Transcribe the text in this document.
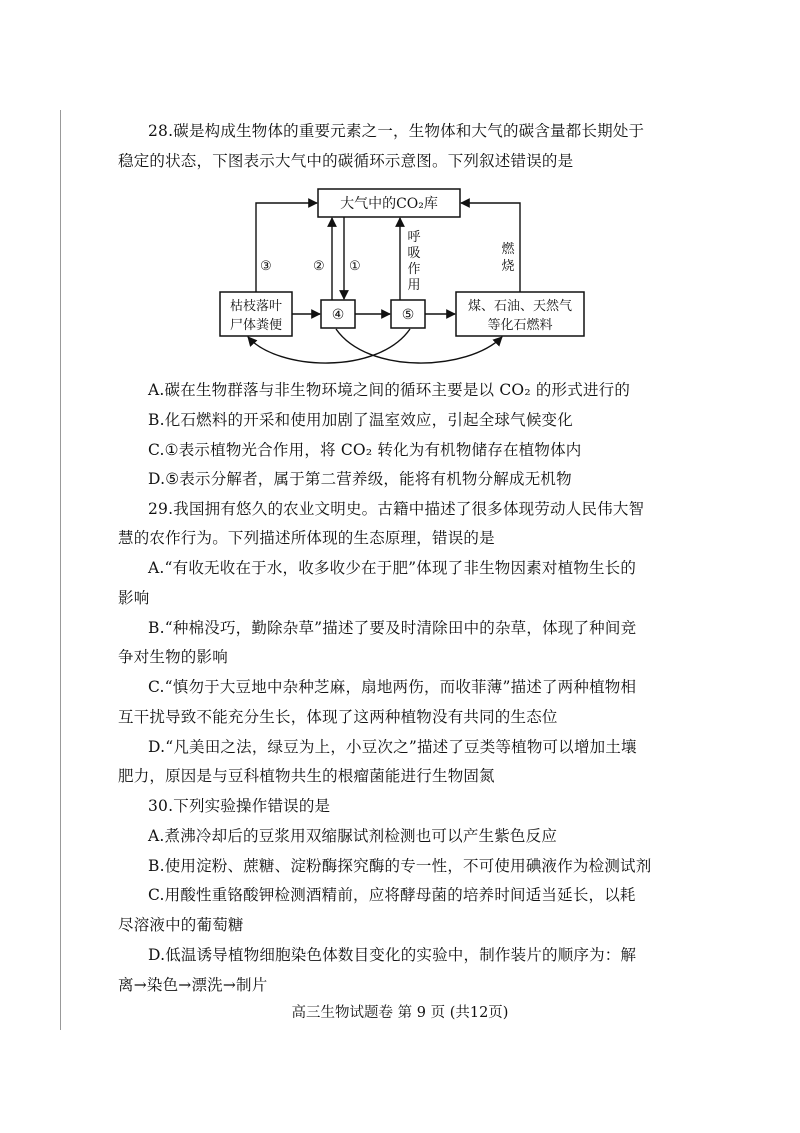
28.碳是构成生物体的重要元素之一，生物体和大气的碳含量都长期处于
稳定的状态，下图表示大气中的碳循环示意图。下列叙述错误的是
大气中的CO₂库
枯枝落叶
尸体粪便
④	⑤
煤、石油、天然气
等化石燃料
③	② ①
呼
吸
作
用
燃
烧
A.碳在生物群落与非生物环境之间的循环主要是以 CO₂ 的形式进行的
B.化石燃料的开采和使用加剧了温室效应，引起全球气候变化
C.①表示植物光合作用，将 CO₂ 转化为有机物储存在植物体内
D.⑤表示分解者，属于第二营养级，能将有机物分解成无机物
29.我国拥有悠久的农业文明史。古籍中描述了很多体现劳动人民伟大智
慧的农作行为。下列描述所体现的生态原理，错误的是
A.“有收无收在于水，收多收少在于肥”体现了非生物因素对植物生长的
影响
B.“种棉没巧，勤除杂草”描述了要及时清除田中的杂草，体现了种间竞
争对生物的影响
C.“慎勿于大豆地中杂种芝麻，扇地两伤，而收菲薄”描述了两种植物相
互干扰导致不能充分生长，体现了这两种植物没有共同的生态位
D.“凡美田之法，绿豆为上，小豆次之”描述了豆类等植物可以增加土壤
肥力，原因是与豆科植物共生的根瘤菌能进行生物固氮
30.下列实验操作错误的是
A.煮沸冷却后的豆浆用双缩脲试剂检测也可以产生紫色反应
B.使用淀粉、蔗糖、淀粉酶探究酶的专一性，不可使用碘液作为检测试剂
C.用酸性重铬酸钾检测酒精前，应将酵母菌的培养时间适当延长，以耗
尽溶液中的葡萄糖
D.低温诱导植物细胞染色体数目变化的实验中，制作装片的顺序为：解
离→染色→漂洗→制片
高三生物试题卷 第 9 页 (共12页)
